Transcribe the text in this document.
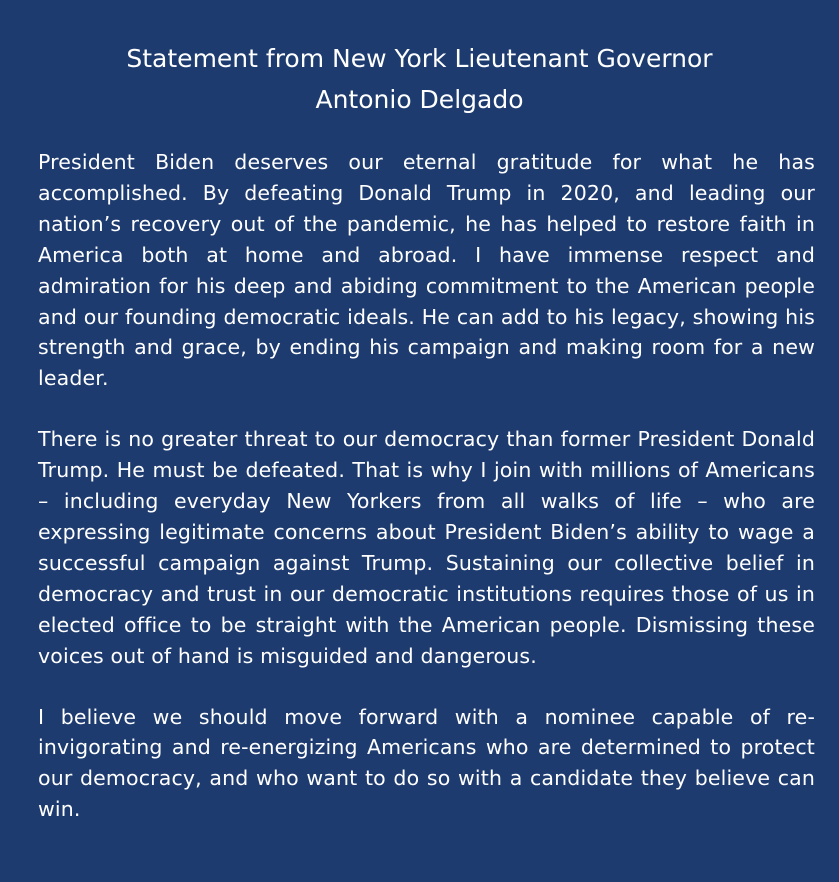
Statement from New York Lieutenant Governor
Antonio Delgado

President Biden deserves our eternal gratitude for what he has accomplished. By defeating Donald Trump in 2020, and leading our nation’s recovery out of the pandemic, he has helped to restore faith in America both at home and abroad. I have immense respect and admiration for his deep and abiding commitment to the American people and our founding democratic ideals. He can add to his legacy, showing his strength and grace, by ending his campaign and making room for a new leader.

There is no greater threat to our democracy than former President Donald Trump. He must be defeated. That is why I join with millions of Americans – including everyday New Yorkers from all walks of life – who are expressing legitimate concerns about President Biden’s ability to wage a successful campaign against Trump. Sustaining our collective belief in democracy and trust in our democratic institutions requires those of us in elected office to be straight with the American people. Dismissing these voices out of hand is misguided and dangerous.

I believe we should move forward with a nominee capable of re-invigorating and re-energizing Americans who are determined to protect our democracy, and who want to do so with a candidate they believe can win.
